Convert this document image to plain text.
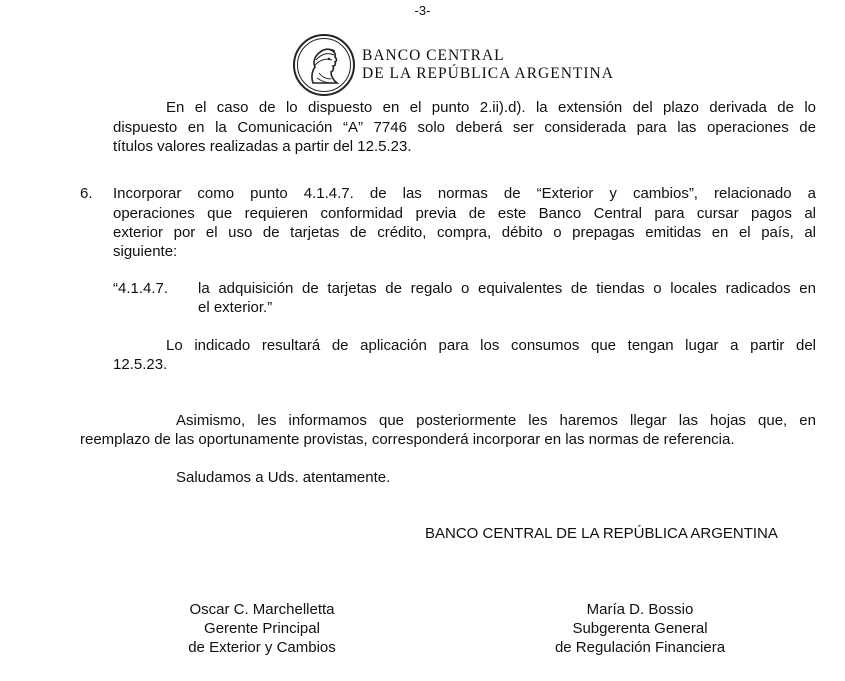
-3-
BANCO CENTRAL
DE LA REPÚBLICA ARGENTINA
En el caso de lo dispuesto en el punto 2.ii).d). la extensión del plazo derivada de lo
dispuesto en la Comunicación “A” 7746 solo deberá ser considerada para las operaciones de
títulos valores realizadas a partir del 12.5.23.
6. Incorporar como punto 4.1.4.7. de las normas de “Exterior y cambios”, relacionado a
operaciones que requieren conformidad previa de este Banco Central para cursar pagos al
exterior por el uso de tarjetas de crédito, compra, débito o prepagas emitidas en el país, al
siguiente:
“4.1.4.7. la adquisición de tarjetas de regalo o equivalentes de tiendas o locales radicados en
el exterior.”
Lo indicado resultará de aplicación para los consumos que tengan lugar a partir del
12.5.23.
Asimismo, les informamos que posteriormente les haremos llegar las hojas que, en
reemplazo de las oportunamente provistas, corresponderá incorporar en las normas de referencia.
Saludamos a Uds. atentamente.
BANCO CENTRAL DE LA REPÚBLICA ARGENTINA
Oscar C. Marchelletta
Gerente Principal
de Exterior y Cambios
María D. Bossio
Subgerenta General
de Regulación Financiera
